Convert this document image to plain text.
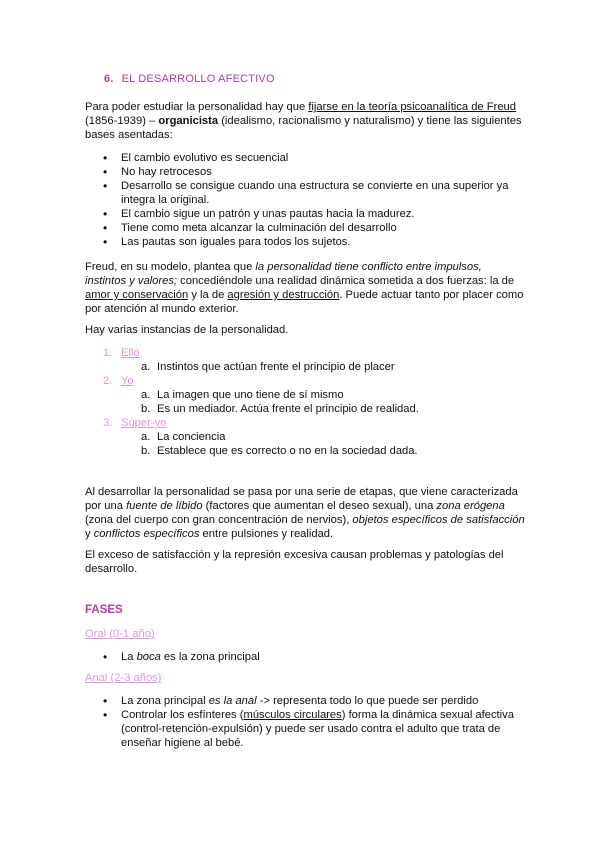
6. EL DESARROLLO AFECTIVO

Para poder estudiar la personalidad hay que fijarse en la teoría psicoanalítica de Freud (1856-1939) – organicista (idealismo, racionalismo y naturalismo) y tiene las siguientes bases asentadas:

• El cambio evolutivo es secuencial
• No hay retrocesos
• Desarrollo se consigue cuando una estructura se convierte en una superior ya integra la original.
• El cambio sigue un patrón y unas pautas hacia la madurez.
• Tiene como meta alcanzar la culminación del desarrollo
• Las pautas son iguales para todos los sujetos.

Freud, en su modelo, plantea que la personalidad tiene conflicto entre impulsos, instintos y valores; concediéndole una realidad dinámica sometida a dos fuerzas: la de amor y conservación y la de agresión y destrucción. Puede actuar tanto por placer como por atención al mundo exterior.

Hay varias instancias de la personalidad.

1. Ello
a. Instintos que actúan frente el principio de placer
2. Yo
a. La imagen que uno tiene de sí mismo
b. Es un mediador. Actúa frente el principio de realidad.
3. Súper-yo
a. La conciencia
b. Establece que es correcto o no en la sociedad dada.

Al desarrollar la personalidad se pasa por una serie de etapas, que viene caracterizada por una fuente de líbido (factores que aumentan el deseo sexual), una zona erógena (zona del cuerpo con gran concentración de nervios), objetos específicos de satisfacción y conflictos específicos entre pulsiones y realidad.

El exceso de satisfacción y la represión excesiva causan problemas y patologías del desarrollo.

FASES
Oral (0-1 año)
• La boca es la zona principal
Anal (2-3 años)
• La zona principal es la anal -> representa todo lo que puede ser perdido
• Controlar los esfínteres (músculos circulares) forma la dinámica sexual afectiva (control-retención-expulsión) y puede ser usado contra el adulto que trata de enseñar higiene al bebé.
